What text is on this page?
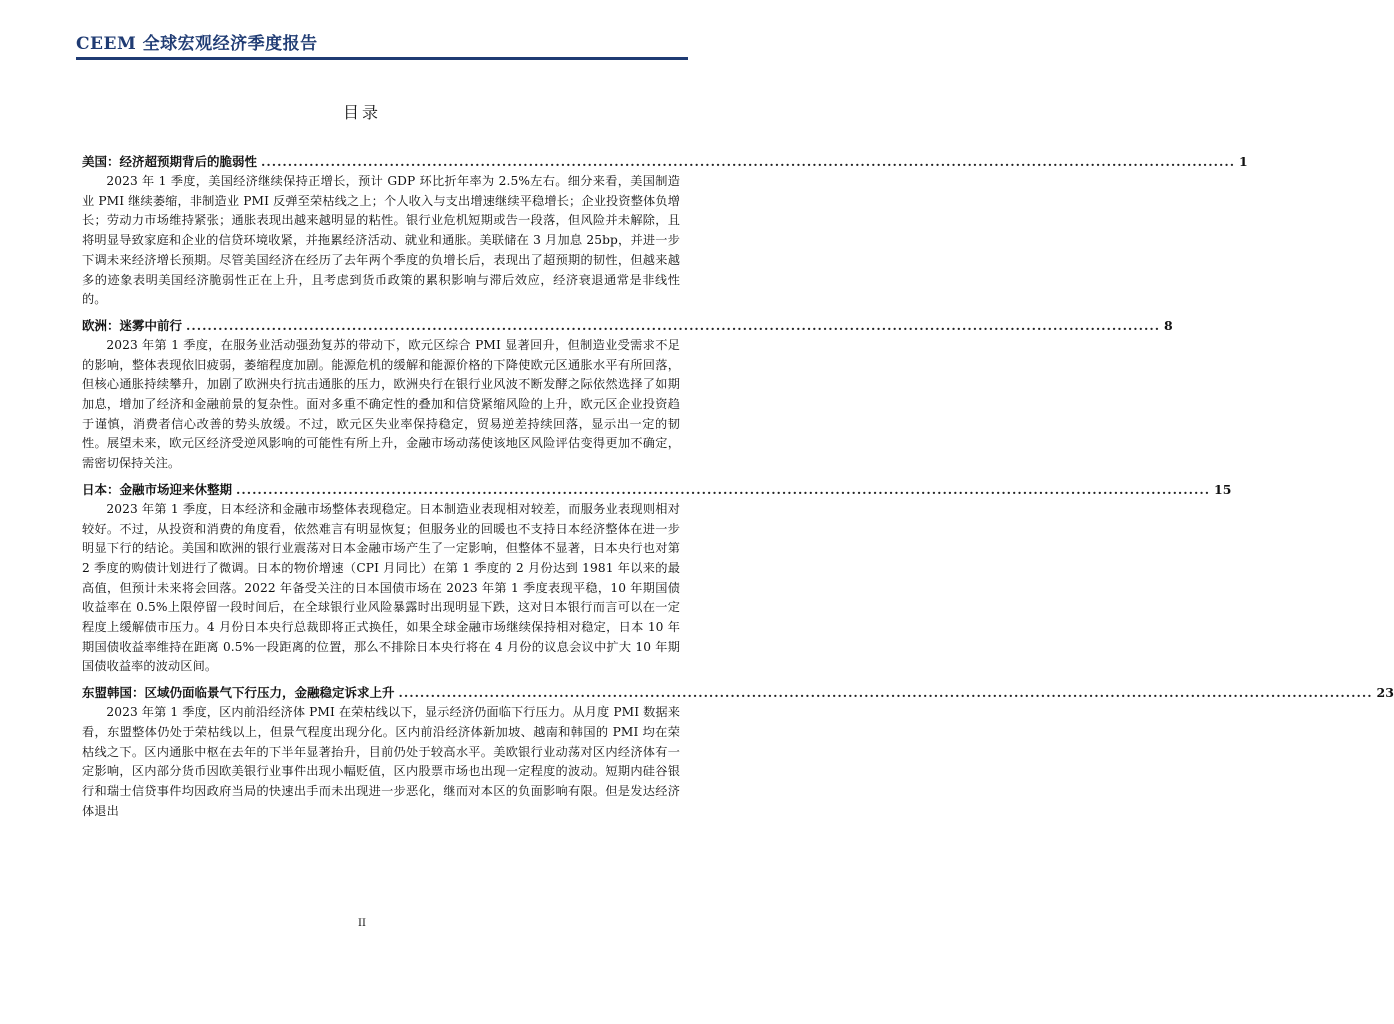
CEEM 全球宏观经济季度报告
目录
美国：经济超预期背后的脆弱性 ...................................................................................................................................................................................... 1

2023 年 1 季度，美国经济继续保持正增长，预计 GDP 环比折年率为 2.5%左右。细分来看，美国制造业 PMI 继续萎缩，非制造业 PMI 反弹至荣枯线之上；个人收入与支出增速继续平稳增长；企业投资整体负增长；劳动力市场维持紧张；通胀表现出越来越明显的粘性。银行业危机短期或告一段落，但风险并未解除，且将明显导致家庭和企业的信贷环境收紧，并拖累经济活动、就业和通胀。美联储在 3 月加息 25bp，并进一步下调未来经济增长预期。尽管美国经济在经历了去年两个季度的负增长后，表现出了超预期的韧性，但越来越多的迹象表明美国经济脆弱性正在上升，且考虑到货币政策的累积影响与滞后效应，经济衰退通常是非线性的。

欧洲：迷雾中前行 ...................................................................................................................................................................................... 8

2023 年第 1 季度，在服务业活动强劲复苏的带动下，欧元区综合 PMI 显著回升，但制造业受需求不足的影响，整体表现依旧疲弱，萎缩程度加剧。能源危机的缓解和能源价格的下降使欧元区通胀水平有所回落，但核心通胀持续攀升，加剧了欧洲央行抗击通胀的压力，欧洲央行在银行业风波不断发酵之际依然选择了如期加息，增加了经济和金融前景的复杂性。面对多重不确定性的叠加和信贷紧缩风险的上升，欧元区企业投资趋于谨慎，消费者信心改善的势头放缓。不过，欧元区失业率保持稳定，贸易逆差持续回落，显示出一定的韧性。展望未来，欧元区经济受逆风影响的可能性有所上升，金融市场动荡使该地区风险评估变得更加不确定，需密切保持关注。

日本：金融市场迎来休整期 ...................................................................................................................................................................................... 15

2023 年第 1 季度，日本经济和金融市场整体表现稳定。日本制造业表现相对较差，而服务业表现则相对较好。不过，从投资和消费的角度看，依然难言有明显恢复；但服务业的回暖也不支持日本经济整体在进一步明显下行的结论。美国和欧洲的银行业震荡对日本金融市场产生了一定影响，但整体不显著，日本央行也对第 2 季度的购债计划进行了微调。日本的物价增速（CPI 月同比）在第 1 季度的 2 月份达到 1981 年以来的最高值，但预计未来将会回落。2022 年备受关注的日本国债市场在 2023 年第 1 季度表现平稳，10 年期国债收益率在 0.5%上限停留一段时间后，在全球银行业风险暴露时出现明显下跌，这对日本银行而言可以在一定程度上缓解债市压力。4 月份日本央行总裁即将正式换任，如果全球金融市场继续保持相对稳定，日本 10 年期国债收益率维持在距离 0.5%一段距离的位置，那么不排除日本央行将在 4 月份的议息会议中扩大 10 年期国债收益率的波动区间。

东盟韩国：区域仍面临景气下行压力，金融稳定诉求上升 ...................................................................................................................................................................................... 23

2023 年第 1 季度，区内前沿经济体 PMI 在荣枯线以下，显示经济仍面临下行压力。从月度 PMI 数据来看，东盟整体仍处于荣枯线以上，但景气程度出现分化。区内前沿经济体新加坡、越南和韩国的 PMI 均在荣枯线之下。区内通胀中枢在去年的下半年显著抬升，目前仍处于较高水平。美欧银行业动荡对区内经济体有一定影响，区内部分货币因欧美银行业事件出现小幅贬值，区内股票市场也出现一定程度的波动。短期内硅谷银行和瑞士信贷事件均因政府当局的快速出手而未出现进一步恶化，继而对本区的负面影响有限。但是发达经济体退出

II
